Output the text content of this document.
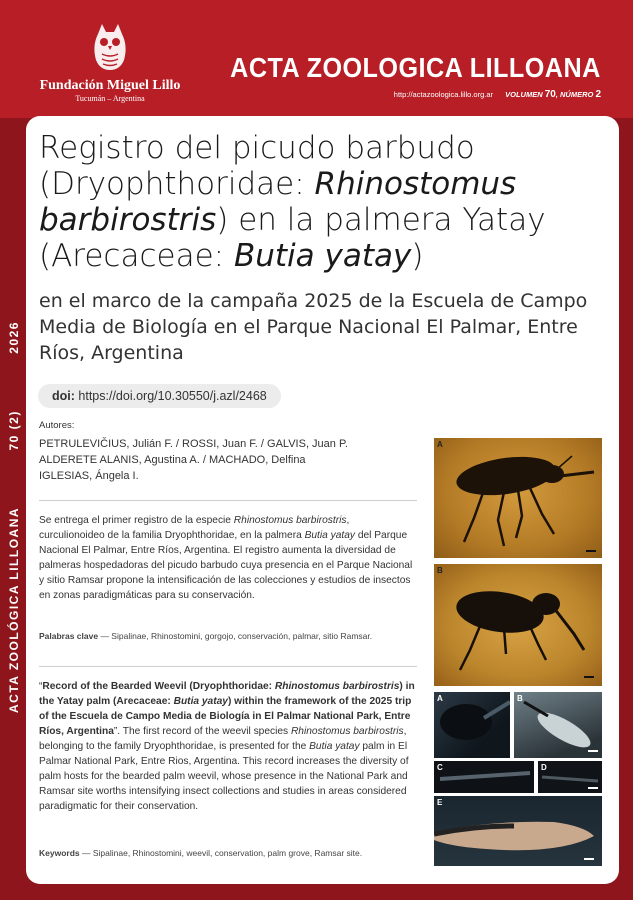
Fundación Miguel Lillo
Tucumán – Argentina
ACTA ZOOLOGICA LILLOANA
http://actazoologica.lillo.org.ar VOLUMEN 70, NÚMERO 2
ACTA ZOOLÓGICA LILLOANA
70 (2)
2026
Registro del picudo barbudo (Dryophthoridae: Rhinostomus barbirostris) en la palmera Yatay (Arecaceae: Butia yatay)
en el marco de la campaña 2025 de la Escuela de Campo Media de Biología en el Parque Nacional El Palmar, Entre Ríos, Argentina
doi: https://doi.org/10.30550/j.azl/2468
Autores:
PETRULEVIČIUS, Julián F. / ROSSI, Juan F. / GALVIS, Juan P.
ALDERETE ALANIS, Agustina A. / MACHADO, Delfina
IGLESIAS, Ángela I.

Se entrega el primer registro de la especie Rhinostomus barbirostris, curculionoideo de la familia Dryophthoridae, en la palmera Butia yatay del Parque Nacional El Palmar, Entre Ríos, Argentina. El registro aumenta la diversidad de palmeras hospedadoras del picudo barbudo cuya presencia en el Parque Nacional y sitio Ramsar propone la intensificación de las colecciones y estudios de insectos en zonas paradigmáticas para su conservación.

Palabras clave — Sipalinae, Rhinostomini, gorgojo, conservación, palmar, sitio Ramsar.

“Record of the Bearded Weevil (Dryophthoridae: Rhinostomus barbirostris) in the Yatay palm (Arecaceae: Butia yatay) within the framework of the 2025 trip of the Escuela de Campo Media de Biología in El Palmar National Park, Entre Ríos, Argentina”. The first record of the weevil species Rhinostomus barbirostris, belonging to the family Dryophthoridae, is presented for the Butia yatay palm in El Palmar National Park, Entre Rios, Argentina. This record increases the diversity of palm hosts for the bearded palm weevil, whose presence in the National Park and Ramsar site worths intensifying insect collections and studies in areas considered paradigmatic for their conservation.

Keywords — Sipalinae, Rhinostomini, weevil, conservation, palm grove, Ramsar site.

A
B
A	B
C	D
E
